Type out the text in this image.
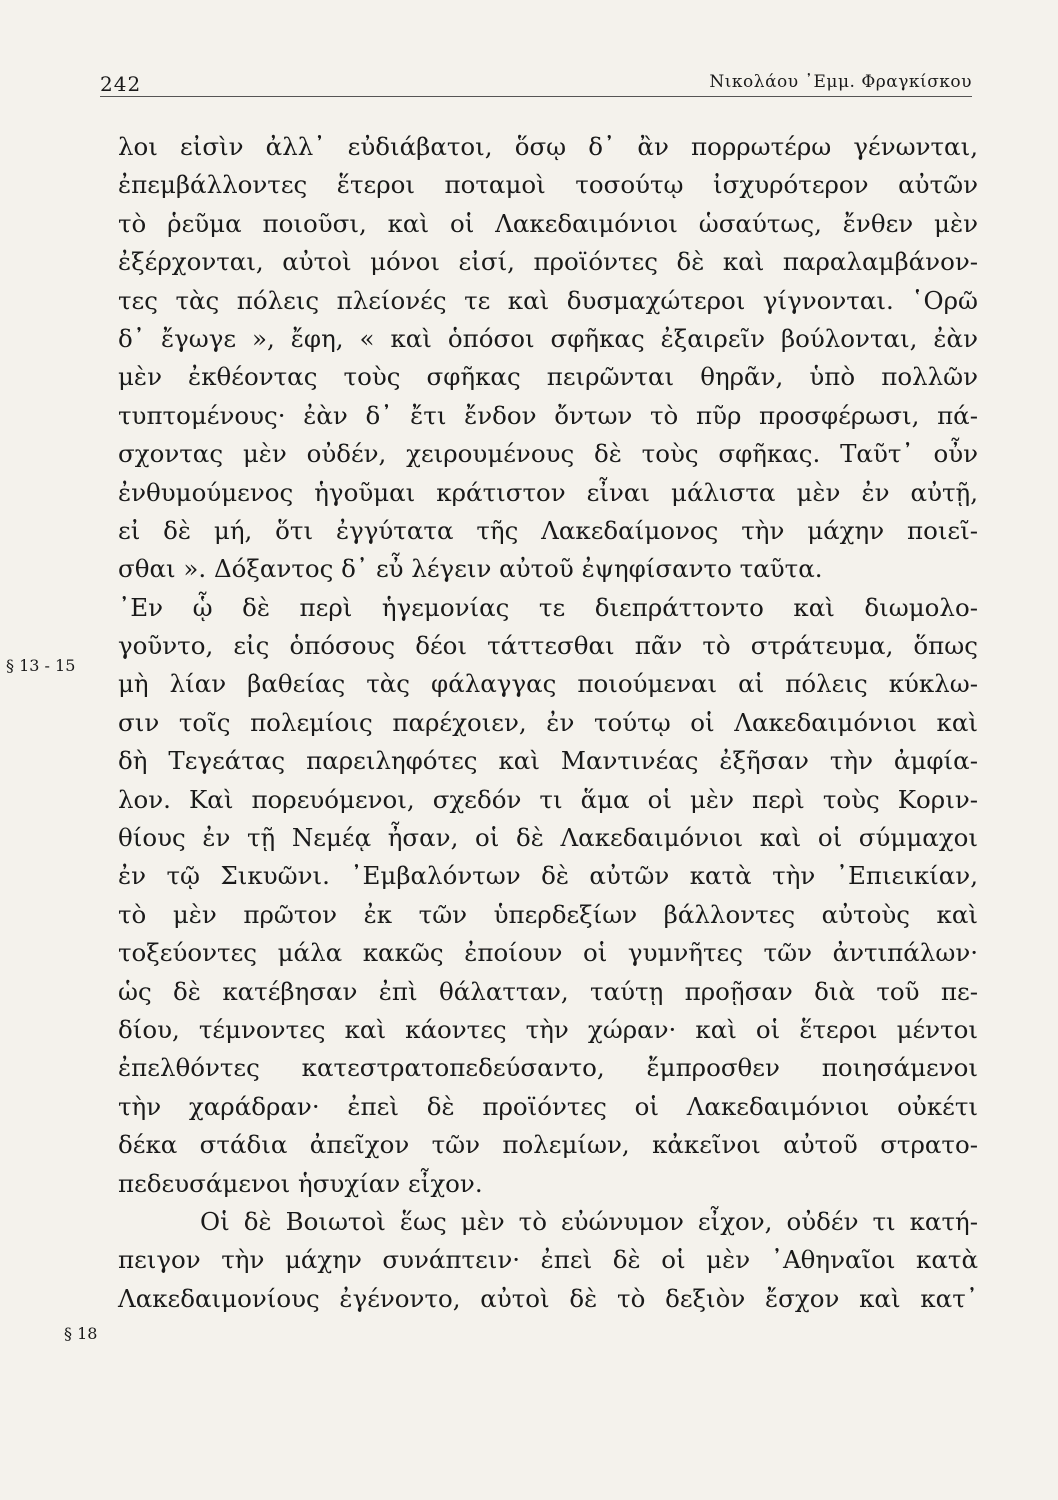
242	Νικολάου ᾿Εμμ. Φραγκίσκου
§ 13 - 15
§ 18
λοι εἰσὶν ἀλλ᾿ εὐδιάβατοι, ὅσῳ δ᾿ ἂν πορρωτέρω γένωνται,
ἐπεμβάλλοντες ἕτεροι ποταμοὶ τοσούτῳ ἰσχυρότερον αὐτῶν
τὸ ῥεῦμα ποιοῦσι, καὶ οἱ Λακεδαιμόνιοι ὡσαύτως, ἔνθεν μὲν
ἐξέρχονται, αὐτοὶ μόνοι εἰσί, προϊόντες δὲ καὶ παραλαμβάνον-
τες τὰς πόλεις πλείονές τε καὶ δυσμαχώτεροι γίγνονται. ῾Ορῶ
δ᾿ ἔγωγε », ἔφη, « καὶ ὁπόσοι σφῆκας ἐξαιρεῖν βούλονται, ἐὰν
μὲν ἐκθέοντας τοὺς σφῆκας πειρῶνται θηρᾶν, ὑπὸ πολλῶν
τυπτομένους· ἐὰν δ᾿ ἔτι ἔνδον ὄντων τὸ πῦρ προσφέρωσι, πά-
σχοντας μὲν οὐδέν, χειρουμένους δὲ τοὺς σφῆκας. Ταῦτ᾿ οὖν
ἐνθυμούμενος ἡγοῦμαι κράτιστον εἶναι μάλιστα μὲν ἐν αὐτῇ,
εἰ δὲ μή, ὅτι ἐγγύτατα τῆς Λακεδαίμονος τὴν μάχην ποιεῖ-
σθαι ». Δόξαντος δ᾿ εὖ λέγειν αὐτοῦ ἐψηφίσαντο ταῦτα.
᾿Εν ᾧ δὲ περὶ ἡγεμονίας τε διεπράττοντο καὶ διωμολο-
γοῦντο, εἰς ὁπόσους δέοι τάττεσθαι πᾶν τὸ στράτευμα, ὅπως
μὴ λίαν βαθείας τὰς φάλαγγας ποιούμεναι αἱ πόλεις κύκλω-
σιν τοῖς πολεμίοις παρέχοιεν, ἐν τούτῳ οἱ Λακεδαιμόνιοι καὶ
δὴ Τεγεάτας παρειληφότες καὶ Μαντινέας ἐξῆσαν τὴν ἀμφία-
λον. Καὶ πορευόμενοι, σχεδόν τι ἅμα οἱ μὲν περὶ τοὺς Κοριν-
θίους ἐν τῇ Νεμέᾳ ἦσαν, οἱ δὲ Λακεδαιμόνιοι καὶ οἱ σύμμαχοι
ἐν τῷ Σικυῶνι. ᾿Εμβαλόντων δὲ αὐτῶν κατὰ τὴν ᾿Επιεικίαν,
τὸ μὲν πρῶτον ἐκ τῶν ὑπερδεξίων βάλλοντες αὐτοὺς καὶ
τοξεύοντες μάλα κακῶς ἐποίουν οἱ γυμνῆτες τῶν ἀντιπάλων·
ὡς δὲ κατέβησαν ἐπὶ θάλατταν, ταύτῃ προῇσαν διὰ τοῦ πε-
δίου, τέμνοντες καὶ κάοντες τὴν χώραν· καὶ οἱ ἕτεροι μέντοι
ἐπελθόντες κατεστρατοπεδεύσαντο, ἔμπροσθεν ποιησάμενοι
τὴν χαράδραν· ἐπεὶ δὲ προϊόντες οἱ Λακεδαιμόνιοι οὐκέτι
δέκα στάδια ἀπεῖχον τῶν πολεμίων, κἀκεῖνοι αὐτοῦ στρατο-
πεδευσάμενοι ἡσυχίαν εἶχον.
Οἱ δὲ Βοιωτοὶ ἕως μὲν τὸ εὐώνυμον εἶχον, οὐδέν τι κατή-
πειγον τὴν μάχην συνάπτειν· ἐπεὶ δὲ οἱ μὲν ᾿Αθηναῖοι κατὰ
Λακεδαιμονίους ἐγένοντο, αὐτοὶ δὲ τὸ δεξιὸν ἔσχον καὶ κατ᾿
